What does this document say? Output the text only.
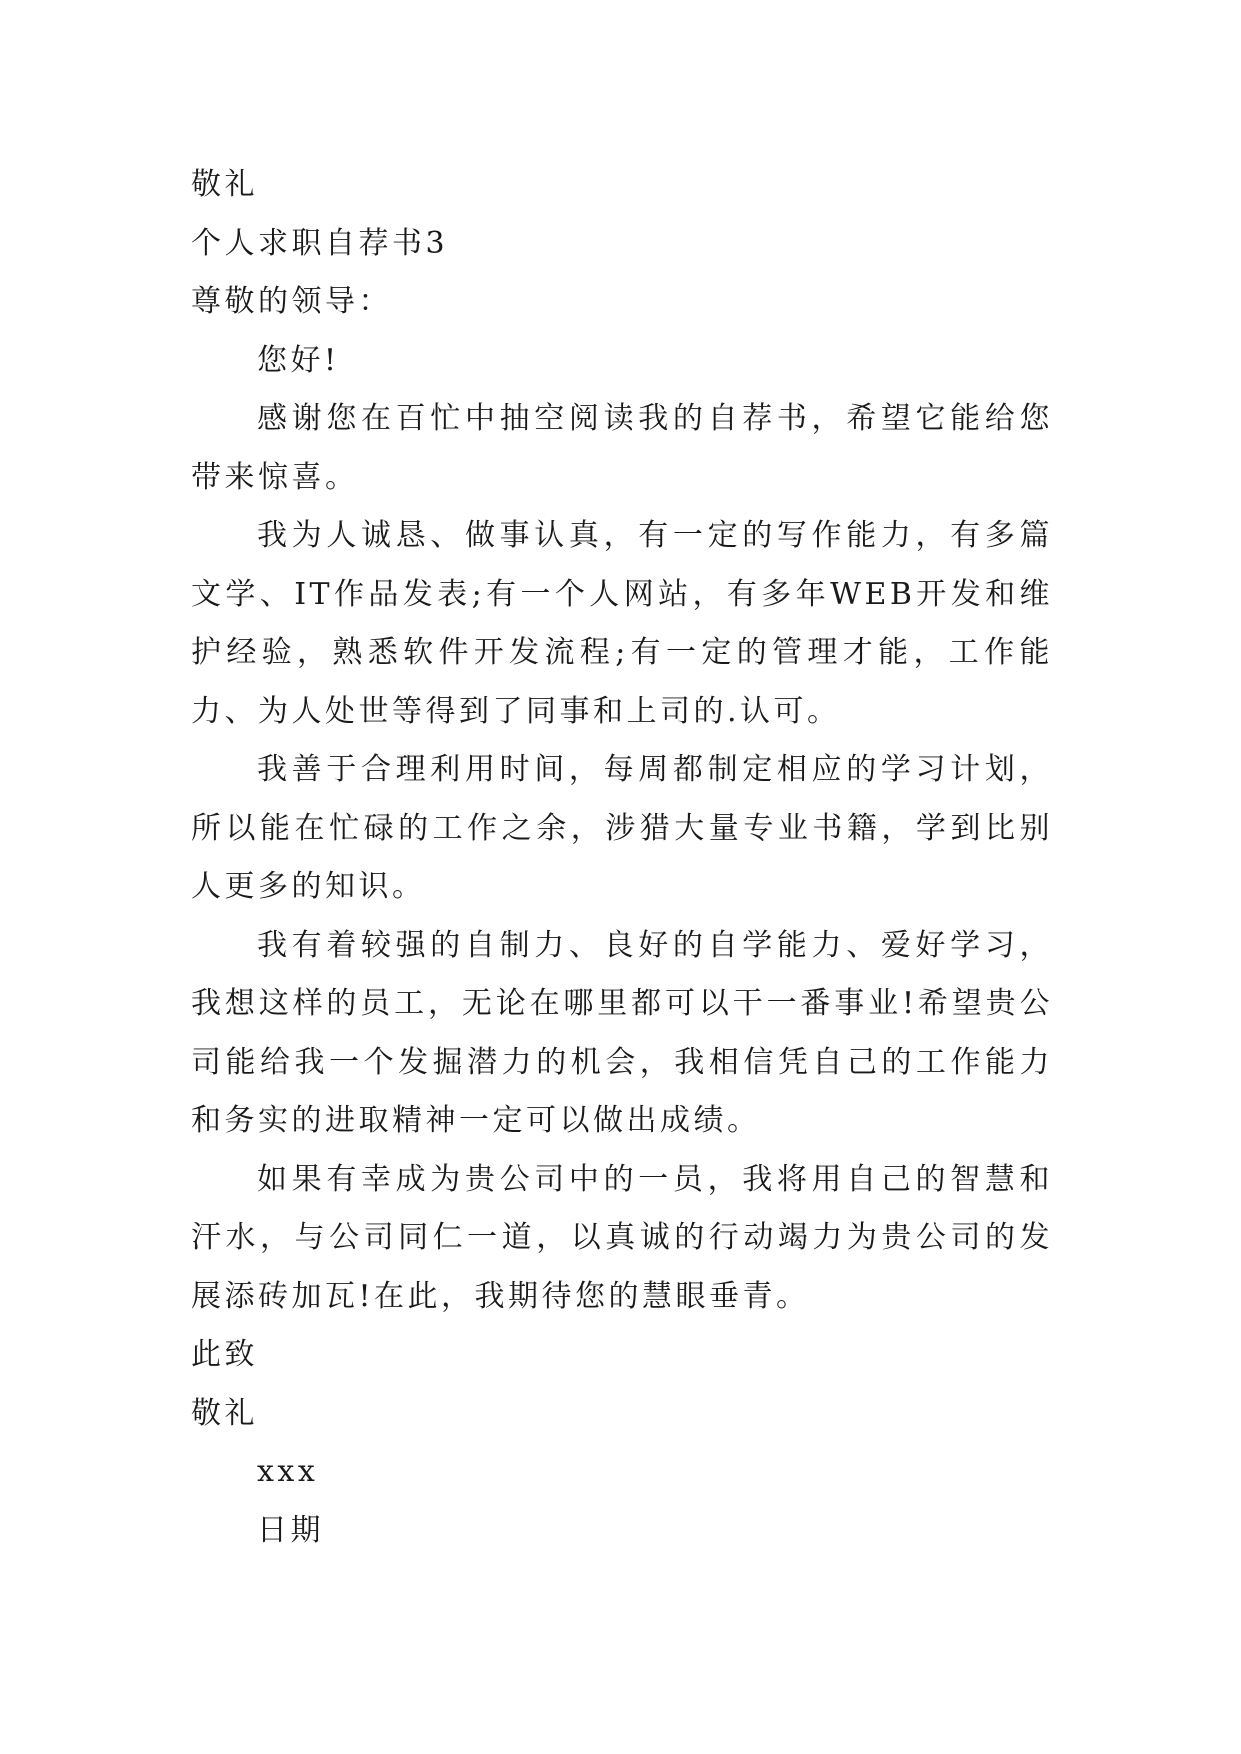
敬礼
个人求职自荐书3
尊敬的领导：
您好!

感谢您在百忙中抽空阅读我的自荐书，希望它能给您带来惊喜。

我为人诚恳、做事认真，有一定的写作能力，有多篇文学、IT作品发表;有一个人网站，有多年WEB开发和维护经验，熟悉软件开发流程;有一定的管理才能，工作能力、为人处世等得到了同事和上司的.认可。

我善于合理利用时间，每周都制定相应的学习计划，所以能在忙碌的工作之余，涉猎大量专业书籍，学到比别人更多的知识。

我有着较强的自制力、良好的自学能力、爱好学习，我想这样的员工，无论在哪里都可以干一番事业!希望贵公司能给我一个发掘潜力的机会，我相信凭自己的工作能力和务实的进取精神一定可以做出成绩。

如果有幸成为贵公司中的一员，我将用自己的智慧和汗水，与公司同仁一道，以真诚的行动竭力为贵公司的发展添砖加瓦!在此，我期待您的慧眼垂青。

此致
敬礼
xxx
日期
